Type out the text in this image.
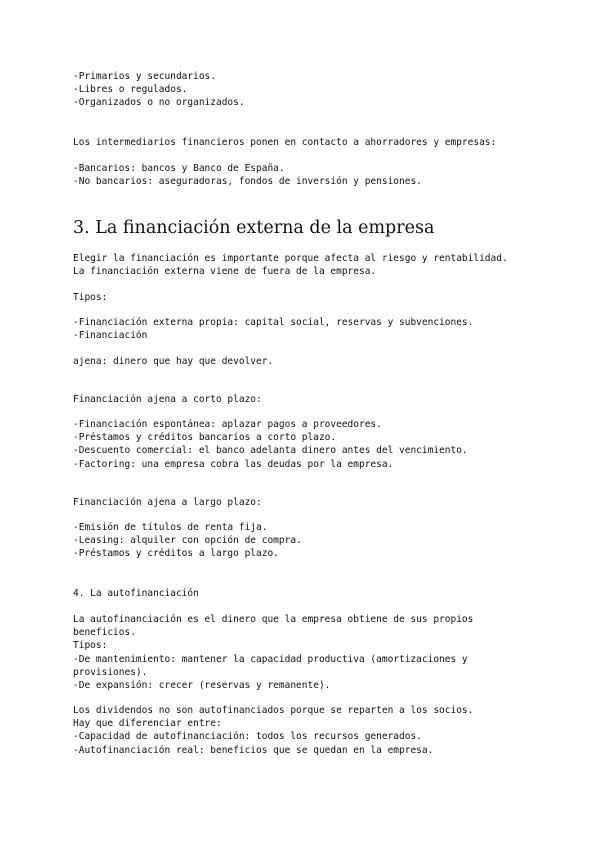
-Primarios y secundarios.
-Libres o regulados.
-Organizados o no organizados.
Los intermediarios financieros ponen en contacto a ahorradores y empresas:
-Bancarios: bancos y Banco de España.
-No bancarios: aseguradoras, fondos de inversión y pensiones.
3. La financiación externa de la empresa
Elegir la financiación es importante porque afecta al riesgo y rentabilidad.
La financiación externa viene de fuera de la empresa.
Tipos:
-Financiación externa propia: capital social, reservas y subvenciones.
-Financiación
ajena: dinero que hay que devolver.
Financiación ajena a corto plazo:
-Financiación espontánea: aplazar pagos a proveedores.
-Préstamos y créditos bancarios a corto plazo.
-Descuento comercial: el banco adelanta dinero antes del vencimiento.
-Factoring: una empresa cobra las deudas por la empresa.
Financiación ajena a largo plazo:
-Emisión de títulos de renta fija.
-Leasing: alquiler con opción de compra.
-Préstamos y créditos a largo plazo.
4. La autofinanciación
La autofinanciación es el dinero que la empresa obtiene de sus propios
beneficios.
Tipos:
-De mantenimiento: mantener la capacidad productiva (amortizaciones y
provisiones).
-De expansión: crecer (reservas y remanente).
Los dividendos no son autofinanciados porque se reparten a los socios.
Hay que diferenciar entre:
-Capacidad de autofinanciación: todos los recursos generados.
-Autofinanciación real: beneficios que se quedan en la empresa.
